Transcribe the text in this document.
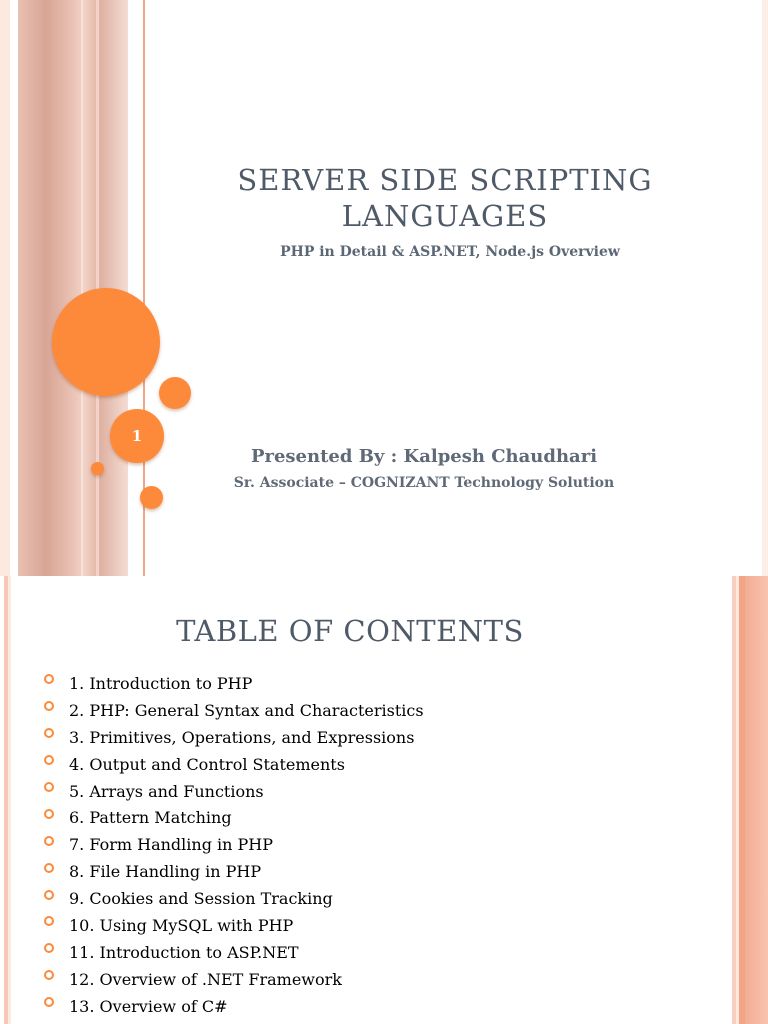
1
SERVER SIDE SCRIPTING
LANGUAGES
PHP in Detail & ASP.NET, Node.js Overview
Presented By : Kalpesh Chaudhari
Sr. Associate – COGNIZANT Technology Solution
TABLE OF CONTENTS
1. Introduction to PHP
2. PHP: General Syntax and Characteristics
3. Primitives, Operations, and Expressions
4. Output and Control Statements
5. Arrays and Functions
6. Pattern Matching
7. Form Handling in PHP
8. File Handling in PHP
9. Cookies and Session Tracking
10. Using MySQL with PHP
11. Introduction to ASP.NET
12. Overview of .NET Framework
13. Overview of C#
